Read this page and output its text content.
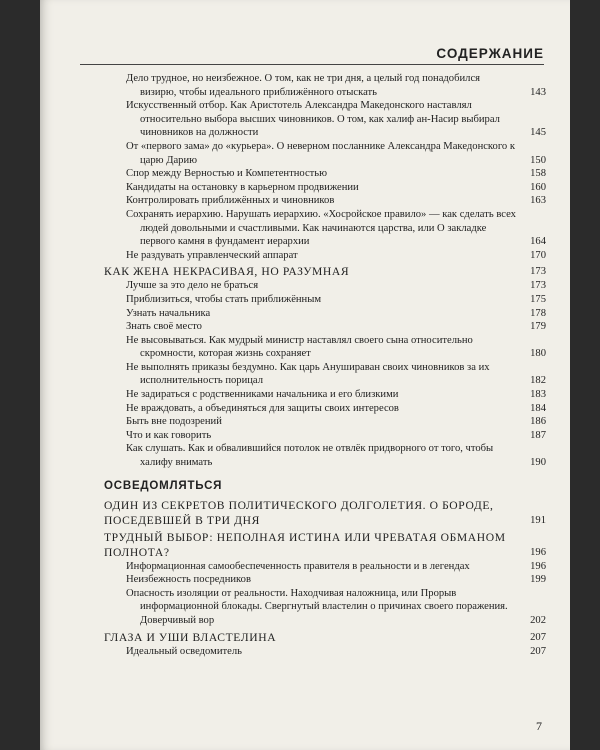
СОДЕРЖАНИЕ
Дело трудное, но неизбежное. О том, как не три дня, а целый год понадобился визирю, чтобы идеального приближённого отыскать	143
Искусственный отбор. Как Аристотель Александра Македонского наставлял относительно выбора высших чиновников. О том, как халиф ан-Насир выбирал чиновников на должности	145
От «первого зама» до «курьера». О неверном посланнике Александра Македонского к царю Дарию	150
Спор между Верностью и Компетентностью	158
Кандидаты на остановку в карьерном продвижении	160
Контролировать приближённых и чиновников	163
Сохранять иерархию. Нарушать иерархию. «Хосройское правило» — как сделать всех людей довольными и счастливыми. Как начинаются царства, или О закладке первого камня в фундамент иерархии	164
Не раздувать управленческий аппарат	170
КАК ЖЕНА НЕКРАСИВАЯ, НО РАЗУМНАЯ	173
Лучше за это дело не браться	173
Приблизиться, чтобы стать приближённым	175
Узнать начальника	178
Знать своё место	179
Не высовываться. Как мудрый министр наставлял своего сына относительно скромности, которая жизнь сохраняет	180
Не выполнять приказы бездумно. Как царь Анушираван своих чиновников за их исполнительность порицал	182
Не задираться с родственниками начальника и его близкими	183
Не враждовать, а объединяться для защиты своих интересов	184
Быть вне подозрений	186
Что и как говорить	187
Как слушать. Как и обвалившийся потолок не отвлёк придворного от того, чтобы халифу внимать	190
ОСВЕДОМЛЯТЬСЯ
ОДИН ИЗ СЕКРЕТОВ ПОЛИТИЧЕСКОГО ДОЛГОЛЕТИЯ. О БОРОДЕ, ПОСЕДЕВШЕЙ В ТРИ ДНЯ	191
ТРУДНЫЙ ВЫБОР: НЕПОЛНАЯ ИСТИНА ИЛИ ЧРЕВАТАЯ ОБМАНОМ ПОЛНОТА?	196
Информационная самообеспеченность правителя в реальности и в легендах	196
Неизбежность посредников	199
Опасность изоляции от реальности. Находчивая наложница, или Прорыв информационной блокады. Свергнутый властелин о причинах своего поражения. Доверчивый вор	202
ГЛАЗА И УШИ ВЛАСТЕЛИНА	207
Идеальный осведомитель	207
7
